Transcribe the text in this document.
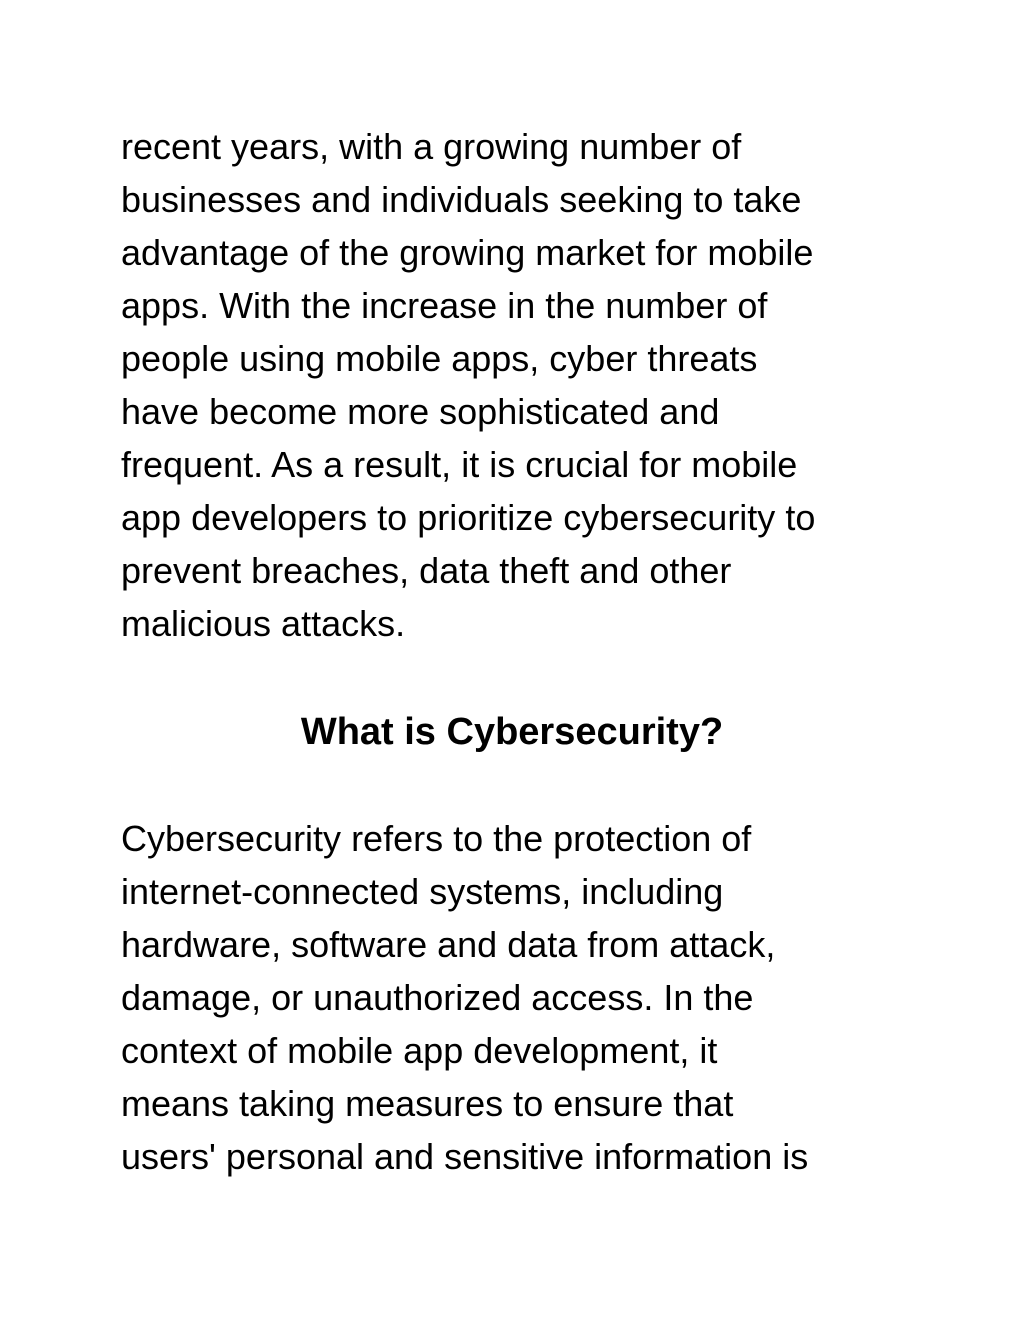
recent years, with a growing number of
businesses and individuals seeking to take
advantage of the growing market for mobile
apps. With the increase in the number of
people using mobile apps, cyber threats
have become more sophisticated and
frequent. As a result, it is crucial for mobile
app developers to prioritize cybersecurity to
prevent breaches, data theft and other
malicious attacks.

What is Cybersecurity?

Cybersecurity refers to the protection of
internet-connected systems, including
hardware, software and data from attack,
damage, or unauthorized access. In the
context of mobile app development, it
means taking measures to ensure that
users' personal and sensitive information is
